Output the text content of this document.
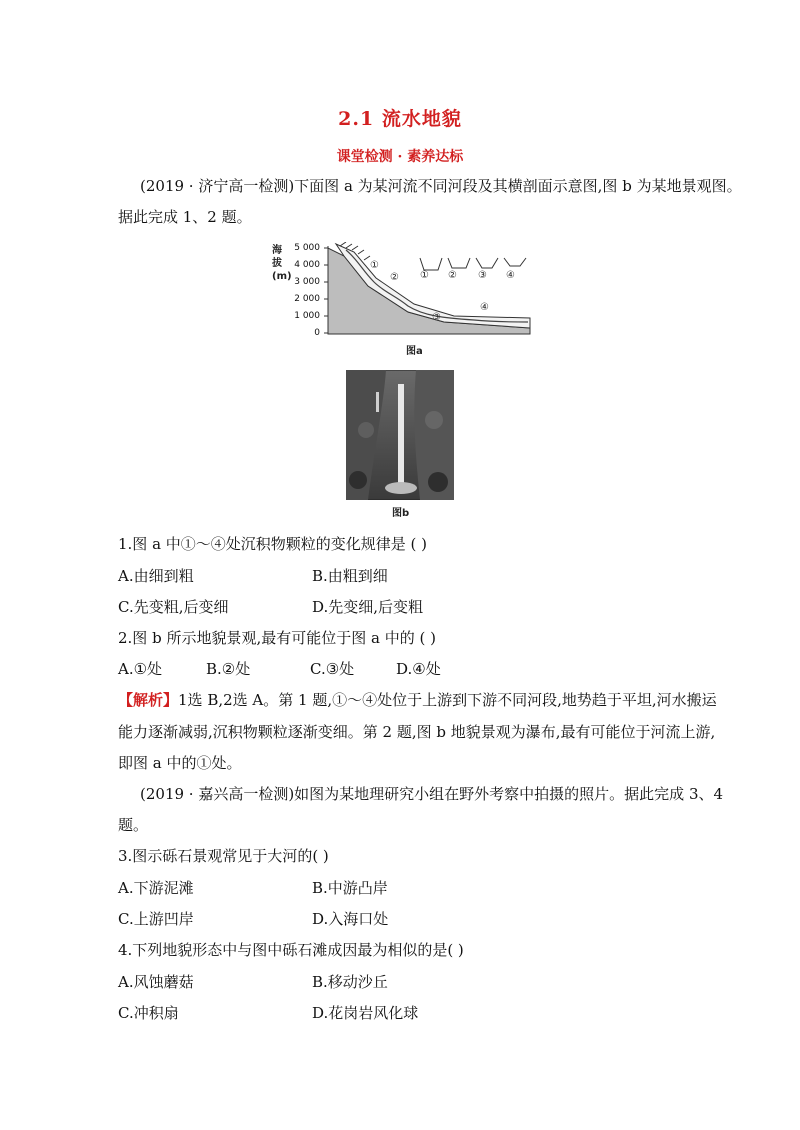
2.1 流水地貌
课堂检测 · 素养达标
(2019 · 济宁高一检测)下面图 a 为某河流不同河段及其横剖面示意图,图 b 为某地景观图。
据此完成 1、2 题。
海
拔
(m)
5 000
4 000
3 000
2 000
1 000
0
①
②
③
④
① ② ③ ④
图a
图b
1.图 a 中①～④处沉积物颗粒的变化规律是 ( )
A.由细到粗	B.由粗到细
C.先变粗,后变细	D.先变细,后变粗
2.图 b 所示地貌景观,最有可能位于图 a 中的 ( )
A.①处	B.②处	C.③处	D.④处
【解析】1选 B,2选 A。第 1 题,①～④处位于上游到下游不同河段,地势趋于平坦,河水搬运
能力逐渐减弱,沉积物颗粒逐渐变细。第 2 题,图 b 地貌景观为瀑布,最有可能位于河流上游,
即图 a 中的①处。
(2019 · 嘉兴高一检测)如图为某地理研究小组在野外考察中拍摄的照片。据此完成 3、4
题。
3.图示砾石景观常见于大河的( )
A.下游泥滩	B.中游凸岸
C.上游凹岸	D.入海口处
4.下列地貌形态中与图中砾石滩成因最为相似的是( )
A.风蚀蘑菇	B.移动沙丘
C.冲积扇	D.花岗岩风化球
